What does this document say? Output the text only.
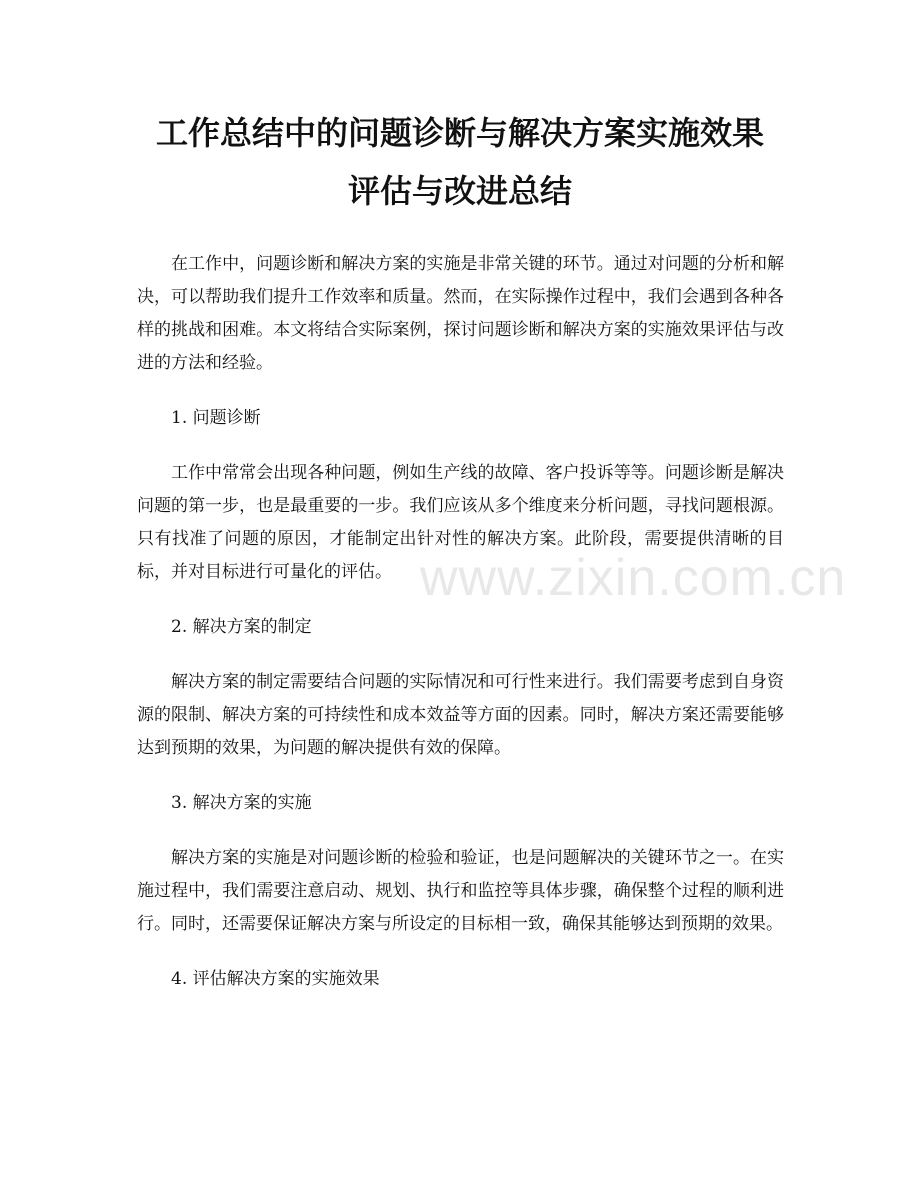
工作总结中的问题诊断与解决方案实施效果
评估与改进总结

在工作中，问题诊断和解决方案的实施是非常关键的环节。通过对问题的分析和解决，可以帮助我们提升工作效率和质量。然而，在实际操作过程中，我们会遇到各种各样的挑战和困难。本文将结合实际案例，探讨问题诊断和解决方案的实施效果评估与改进的方法和经验。

1. 问题诊断

工作中常常会出现各种问题，例如生产线的故障、客户投诉等等。问题诊断是解决问题的第一步，也是最重要的一步。我们应该从多个维度来分析问题，寻找问题根源。只有找准了问题的原因，才能制定出针对性的解决方案。此阶段，需要提供清晰的目标，并对目标进行可量化的评估。

2. 解决方案的制定

解决方案的制定需要结合问题的实际情况和可行性来进行。我们需要考虑到自身资源的限制、解决方案的可持续性和成本效益等方面的因素。同时，解决方案还需要能够达到预期的效果，为问题的解决提供有效的保障。

3. 解决方案的实施

解决方案的实施是对问题诊断的检验和验证，也是问题解决的关键环节之一。在实施过程中，我们需要注意启动、规划、执行和监控等具体步骤，确保整个过程的顺利进行。同时，还需要保证解决方案与所设定的目标相一致，确保其能够达到预期的效果。

4. 评估解决方案的实施效果

www.zixin.com.cn
